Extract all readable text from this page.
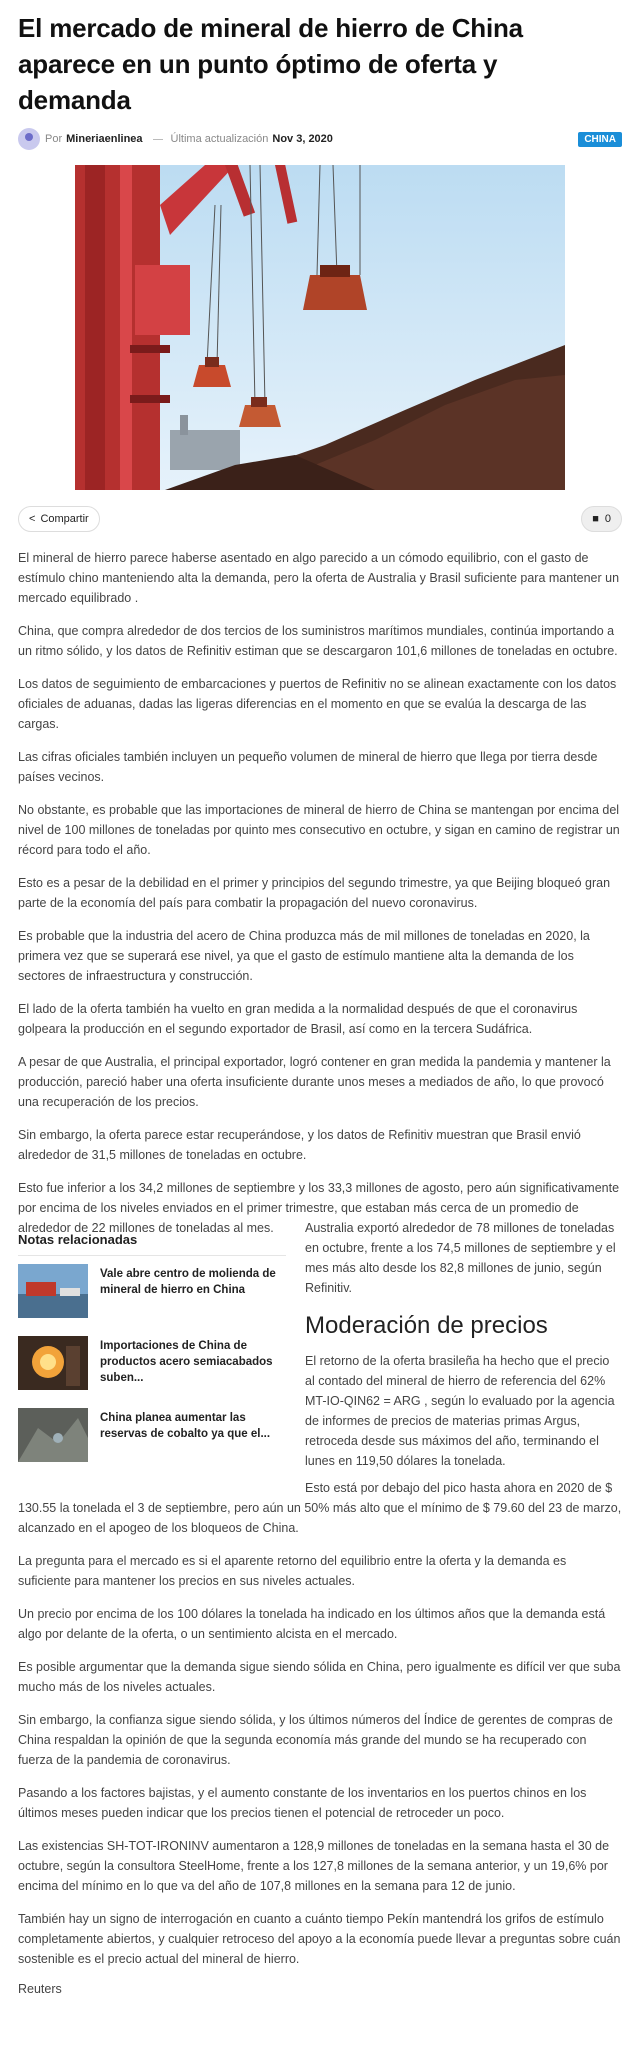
El mercado de mineral de hierro de China aparece en un punto óptimo de oferta y demanda
Por Mineriaenlinea	Última actualización Nov 3, 2020	CHINA
< Compartir	■ 0

El mineral de hierro parece haberse asentado en algo parecido a un cómodo equilibrio, con el gasto de estímulo chino manteniendo alta la demanda, pero la oferta de Australia y Brasil suficiente para mantener un mercado equilibrado .

China, que compra alrededor de dos tercios de los suministros marítimos mundiales, continúa importando a un ritmo sólido, y los datos de Refinitiv estiman que se descargaron 101,6 millones de toneladas en octubre.

Los datos de seguimiento de embarcaciones y puertos de Refinitiv no se alinean exactamente con los datos oficiales de aduanas, dadas las ligeras diferencias en el momento en que se evalúa la descarga de las cargas.

Las cifras oficiales también incluyen un pequeño volumen de mineral de hierro que llega por tierra desde países vecinos.

No obstante, es probable que las importaciones de mineral de hierro de China se mantengan por encima del nivel de 100 millones de toneladas por quinto mes consecutivo en octubre, y sigan en camino de registrar un récord para todo el año.

Esto es a pesar de la debilidad en el primer y principios del segundo trimestre, ya que Beijing bloqueó gran parte de la economía del país para combatir la propagación del nuevo coronavirus.

Es probable que la industria del acero de China produzca más de mil millones de toneladas en 2020, la primera vez que se superará ese nivel, ya que el gasto de estímulo mantiene alta la demanda de los sectores de infraestructura y construcción.

El lado de la oferta también ha vuelto en gran medida a la normalidad después de que el coronavirus golpeara la producción en el segundo exportador de Brasil, así como en la tercera Sudáfrica.

A pesar de que Australia, el principal exportador, logró contener en gran medida la pandemia y mantener la producción, pareció haber una oferta insuficiente durante unos meses a mediados de año, lo que provocó una recuperación de los precios.

Sin embargo, la oferta parece estar recuperándose, y los datos de Refinitiv muestran que Brasil envió alrededor de 31,5 millones de toneladas en octubre.

Esto fue inferior a los 34,2 millones de septiembre y los 33,3 millones de agosto, pero aún significativamente por encima de los niveles enviados en el primer trimestre, que estaban más cerca de un promedio de alrededor de 22 millones de toneladas al mes.

Notas relacionadas
Vale abre centro de molienda de mineral de hierro en China
Importaciones de China de productos acero semiacabados suben...
China planea aumentar las reservas de cobalto ya que el...

Australia exportó alrededor de 78 millones de toneladas en octubre, frente a los 74,5 millones de septiembre y el mes más alto desde los 82,8 millones de junio, según Refinitiv.

Moderación de precios

El retorno de la oferta brasileña ha hecho que el precio al contado del mineral de hierro de referencia del 62% MT-IO-QIN62 = ARG , según lo evaluado por la agencia de informes de precios de materias primas Argus, retroceda desde sus máximos del año, terminando el lunes en 119,50 dólares la tonelada.

Esto está por debajo del pico hasta ahora en 2020 de $ 130.55 la tonelada el 3 de septiembre, pero aún un 50% más alto que el mínimo de $ 79.60 del 23 de marzo, alcanzado en el apogeo de los bloqueos de China.

La pregunta para el mercado es si el aparente retorno del equilibrio entre la oferta y la demanda es suficiente para mantener los precios en sus niveles actuales.

Un precio por encima de los 100 dólares la tonelada ha indicado en los últimos años que la demanda está algo por delante de la oferta, o un sentimiento alcista en el mercado.

Es posible argumentar que la demanda sigue siendo sólida en China, pero igualmente es difícil ver que suba mucho más de los niveles actuales.

Sin embargo, la confianza sigue siendo sólida, y los últimos números del Índice de gerentes de compras de China respaldan la opinión de que la segunda economía más grande del mundo se ha recuperado con fuerza de la pandemia de coronavirus.

Pasando a los factores bajistas, y el aumento constante de los inventarios en los puertos chinos en los últimos meses pueden indicar que los precios tienen el potencial de retroceder un poco.

Las existencias SH-TOT-IRONINV aumentaron a 128,9 millones de toneladas en la semana hasta el 30 de octubre, según la consultora SteelHome, frente a los 127,8 millones de la semana anterior, y un 19,6% por encima del mínimo en lo que va del año de 107,8 millones en la semana para 12 de junio.

También hay un signo de interrogación en cuanto a cuánto tiempo Pekín mantendrá los grifos de estímulo completamente abiertos, y cualquier retroceso del apoyo a la economía puede llevar a preguntas sobre cuán sostenible es el precio actual del mineral de hierro.

Reuters
